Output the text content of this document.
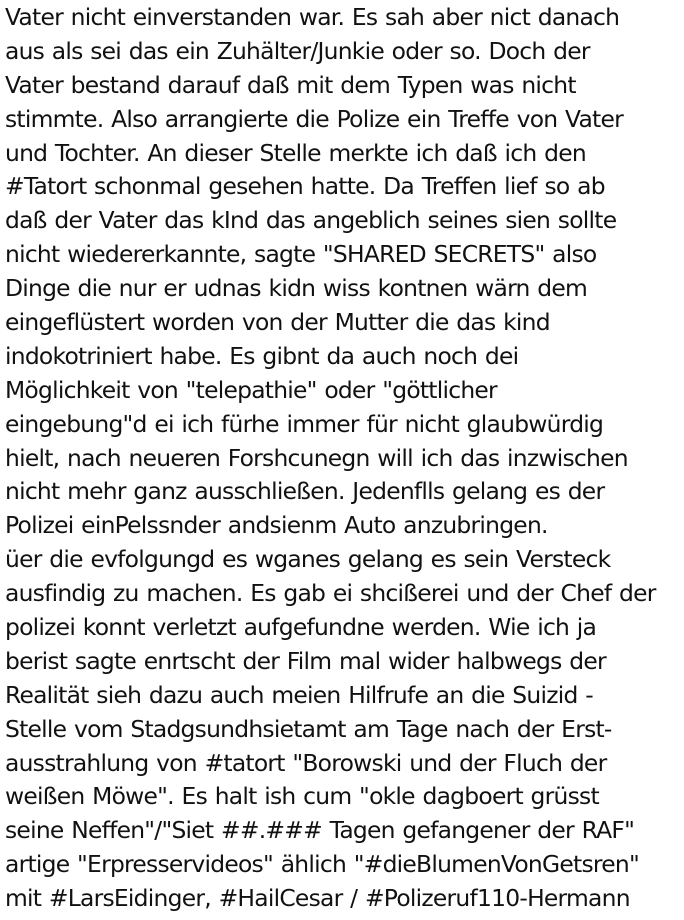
Vater nicht einverstanden war. Es sah aber nict danach
aus als sei das ein Zuhälter/Junkie oder so. Doch der
Vater bestand darauf daß mit dem Typen was nicht
stimmte. Also arrangierte die Polize ein Treffe von Vater
und Tochter. An dieser Stelle merkte ich daß ich den
#Tatort schonmal gesehen hatte. Da Treffen lief so ab
daß der Vater das kInd das angeblich seines sien sollte
nicht wiedererkannte, sagte "SHARED SECRETS" also
Dinge die nur er udnas kidn wiss kontnen wärn dem
eingeflüstert worden von der Mutter die das kind
indokotriniert habe. Es gibnt da auch noch dei
Möglichkeit von "telepathie" oder "göttlicher
eingebung"d ei ich fürhe immer für nicht glaubwürdig
hielt, nach neueren Forshcunegn will ich das inzwischen
nicht mehr ganz ausschließen. Jedenflls gelang es der
Polizei einPelssnder andsienm Auto anzubringen.
üer die evfolgungd es wganes gelang es sein Versteck
ausfindig zu machen. Es gab ei shcißerei und der Chef der
polizei konnt verletzt aufgefundne werden. Wie ich ja
berist sagte enrtscht der Film mal wider halbwegs der
Realität sieh dazu auch meien Hilfrufe an die Suizid -
Stelle vom Stadgsundhsietamt am Tage nach der Erst-
ausstrahlung von #tatort "Borowski und der Fluch der
weißen Möwe". Es halt ish cum "okle dagboert grüsst
seine Neffen"/"Siet ##.### Tagen gefangener der RAF"
artige "Erpresservideos" ählich "#dieBlumenVonGetsren"
mit #LarsEidinger, #HailCesar / #Polizeruf110-Hermann
